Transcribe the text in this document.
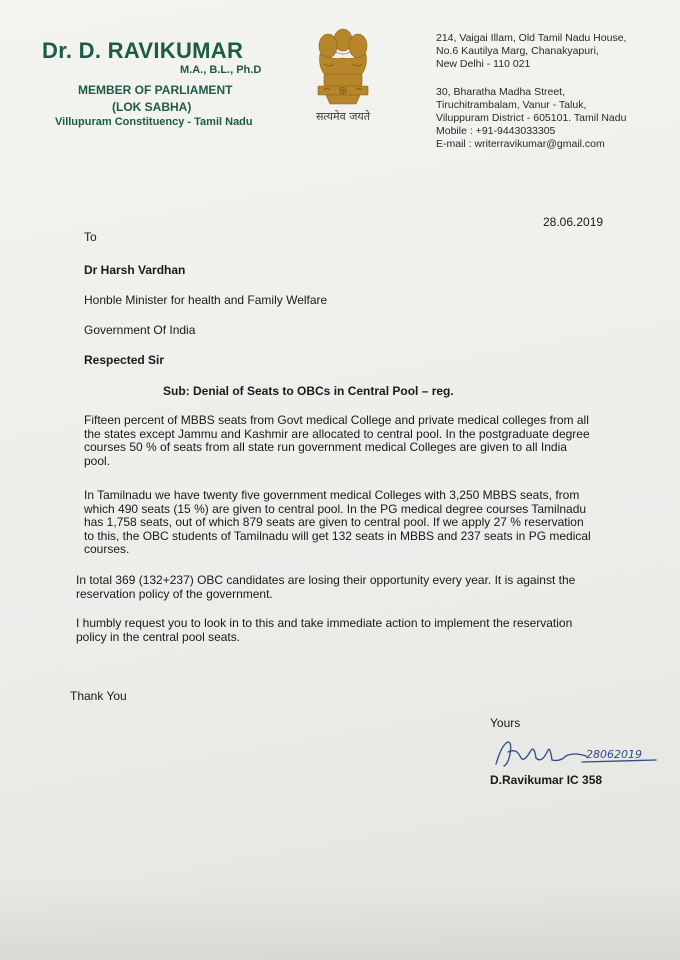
Dr. D. RAVIKUMAR
M.A., B.L., Ph.D
MEMBER OF PARLIAMENT
(LOK SABHA)
Villupuram Constituency - Tamil Nadu	सत्यमेव जयते
214, Vaigai Illam, Old Tamil Nadu House,
No.6 Kautilya Marg, Chanakyapuri,
New Delhi - 110 021
30, Bharatha Madha Street,
Tiruchitrambalam, Vanur - Taluk,
Viluppuram District - 605101. Tamil Nadu
Mobile : +91-9443033305
E-mail : writerravikumar@gmail.com
28.06.2019
To
Dr Harsh Vardhan
Honble Minister for health and Family Welfare
Government Of India
Respected Sir
Sub: Denial of Seats to OBCs in Central Pool – reg.
Fifteen percent of MBBS seats from Govt medical College and private medical colleges from all
the states except Jammu and Kashmir are allocated to central pool. In the postgraduate degree
courses 50 % of seats from all state run government medical Colleges are given to all India
pool.
In Tamilnadu we have twenty five government medical Colleges with 3,250 MBBS seats, from
which 490 seats (15 %) are given to central pool. In the PG medical degree courses Tamilnadu
has 1,758 seats, out of which 879 seats are given to central pool. If we apply 27 % reservation
to this, the OBC students of Tamilnadu will get 132 seats in MBBS and 237 seats in PG medical
courses.
In total 369 (132+237) OBC candidates are losing their opportunity every year. It is against the
reservation policy of the government.
I humbly request you to look in to this and take immediate action to implement the reservation
policy in the central pool seats.
Thank You
Yours
28062019
D.Ravikumar IC 358
